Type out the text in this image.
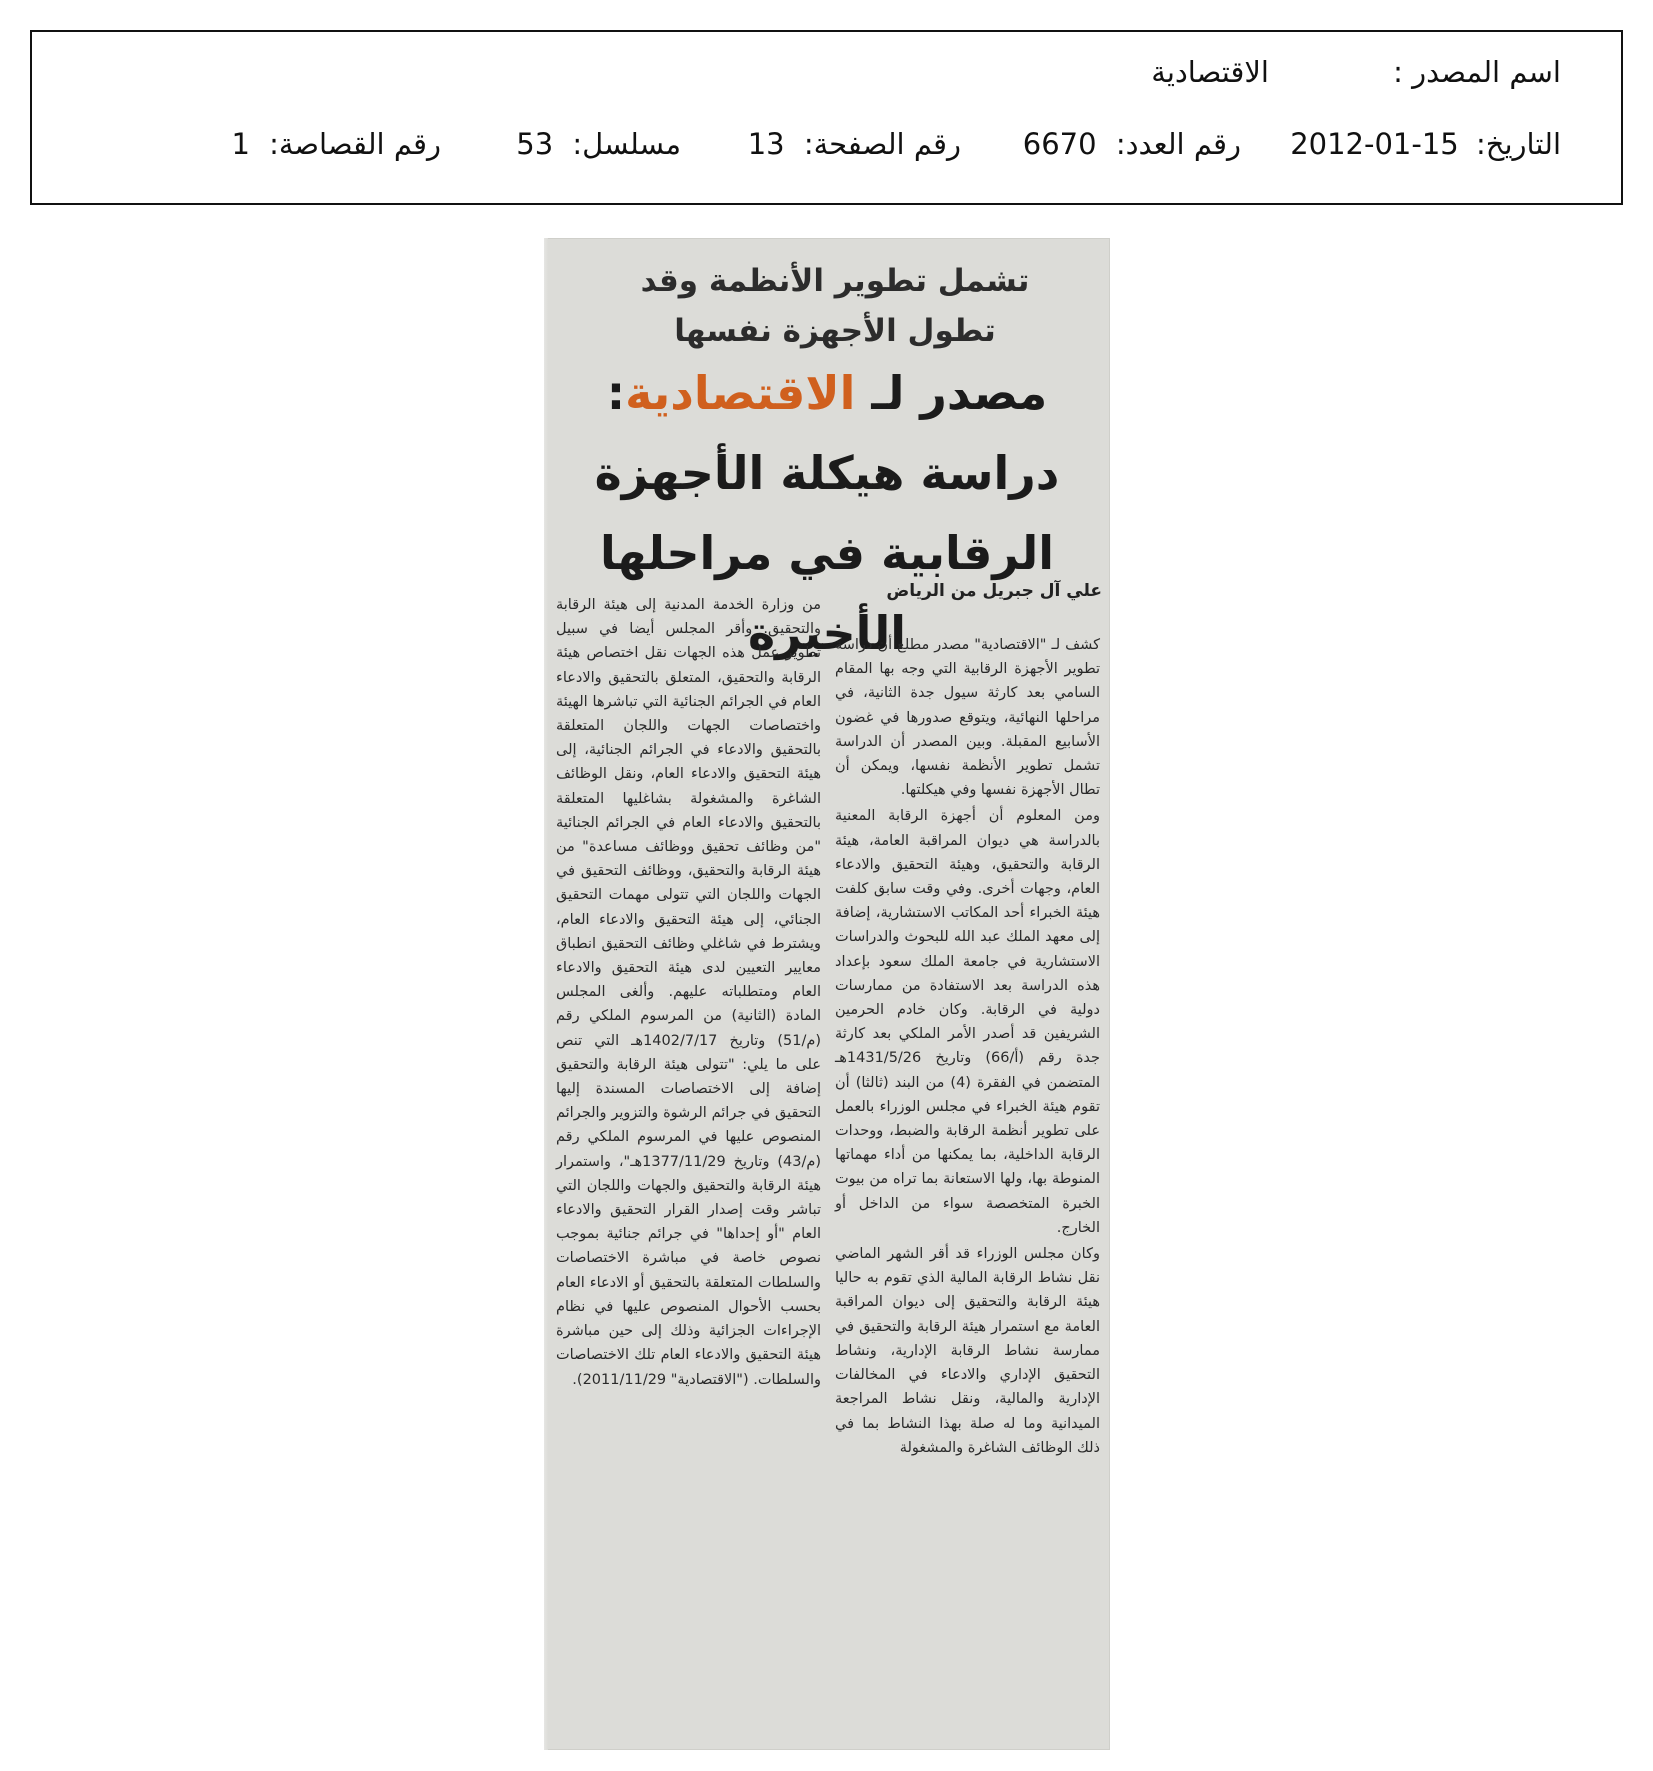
اسم المصدر :
الاقتصادية
التاريخ: 2012-01-15
رقم العدد: 6670
رقم الصفحة: 13
مسلسل: 53
رقم القصاصة: 1
تشمل تطوير الأنظمة وقد تطول الأجهزة نفسها
مصدر لـ الاقتصادية: دراسة هيكلة الأجهزة الرقابية في مراحلها الأخيرة
علي آل جبريل من الرياض

كشف لـ "الاقتصادية" مصدر مطلع أن دراسة تطوير الأجهزة الرقابية التي وجه بها المقام السامي بعد كارثة سيول جدة الثانية، في مراحلها النهائية، ويتوقع صدورها في غضون الأسابيع المقبلة. وبين المصدر أن الدراسة تشمل تطوير الأنظمة نفسها، ويمكن أن تطال الأجهزة نفسها وفي هيكلتها.

ومن المعلوم أن أجهزة الرقابة المعنية بالدراسة هي ديوان المراقبة العامة، هيئة الرقابة والتحقيق، وهيئة التحقيق والادعاء العام، وجهات أخرى. وفي وقت سابق كلفت هيئة الخبراء أحد المكاتب الاستشارية، إضافة إلى معهد الملك عبد الله للبحوث والدراسات الاستشارية في جامعة الملك سعود بإعداد هذه الدراسة بعد الاستفادة من ممارسات دولية في الرقابة. وكان خادم الحرمين الشريفين قد أصدر الأمر الملكي بعد كارثة جدة رقم (أ/66) وتاريخ 1431/5/26هـ المتضمن في الفقرة (4) من البند (ثالثا) أن تقوم هيئة الخبراء في مجلس الوزراء بالعمل على تطوير أنظمة الرقابة والضبط، ووحدات الرقابة الداخلية، بما يمكنها من أداء مهماتها المنوطة بها، ولها الاستعانة بما تراه من بيوت الخبرة المتخصصة سواء من الداخل أو الخارج.

وكان مجلس الوزراء قد أقر الشهر الماضي نقل نشاط الرقابة المالية الذي تقوم به حاليا هيئة الرقابة والتحقيق إلى ديوان المراقبة العامة مع استمرار هيئة الرقابة والتحقيق في ممارسة نشاط الرقابة الإدارية، ونشاط التحقيق الإداري والادعاء في المخالفات الإدارية والمالية، ونقل نشاط المراجعة الميدانية وما له صلة بهذا النشاط بما في ذلك الوظائف الشاغرة والمشغولة

من وزارة الخدمة المدنية إلى هيئة الرقابة والتحقيق. وأقر المجلس أيضا في سبيل تطوير عمل هذه الجهات نقل اختصاص هيئة الرقابة والتحقيق، المتعلق بالتحقيق والادعاء العام في الجرائم الجنائية التي تباشرها الهيئة واختصاصات الجهات واللجان المتعلقة بالتحقيق والادعاء في الجرائم الجنائية، إلى هيئة التحقيق والادعاء العام، ونقل الوظائف الشاغرة والمشغولة بشاغليها المتعلقة بالتحقيق والادعاء العام في الجرائم الجنائية "من وظائف تحقيق ووظائف مساعدة" من هيئة الرقابة والتحقيق، ووظائف التحقيق في الجهات واللجان التي تتولى مهمات التحقيق الجنائي، إلى هيئة التحقيق والادعاء العام، ويشترط في شاغلي وظائف التحقيق انطباق معايير التعيين لدى هيئة التحقيق والادعاء العام ومتطلباته عليهم. وألغى المجلس المادة (الثانية) من المرسوم الملكي رقم (م/51) وتاريخ 1402/7/17هـ التي تنص على ما يلي: "تتولى هيئة الرقابة والتحقيق إضافة إلى الاختصاصات المسندة إليها التحقيق في جرائم الرشوة والتزوير والجرائم المنصوص عليها في المرسوم الملكي رقم (م/43) وتاريخ 1377/11/29هـ"، واستمرار هيئة الرقابة والتحقيق والجهات واللجان التي تباشر وقت إصدار القرار التحقيق والادعاء العام "أو إحداها" في جرائم جنائية بموجب نصوص خاصة في مباشرة الاختصاصات والسلطات المتعلقة بالتحقيق أو الادعاء العام بحسب الأحوال المنصوص عليها في نظام الإجراءات الجزائية وذلك إلى حين مباشرة هيئة التحقيق والادعاء العام تلك الاختصاصات والسلطات. ("الاقتصادية" 2011/11/29).
